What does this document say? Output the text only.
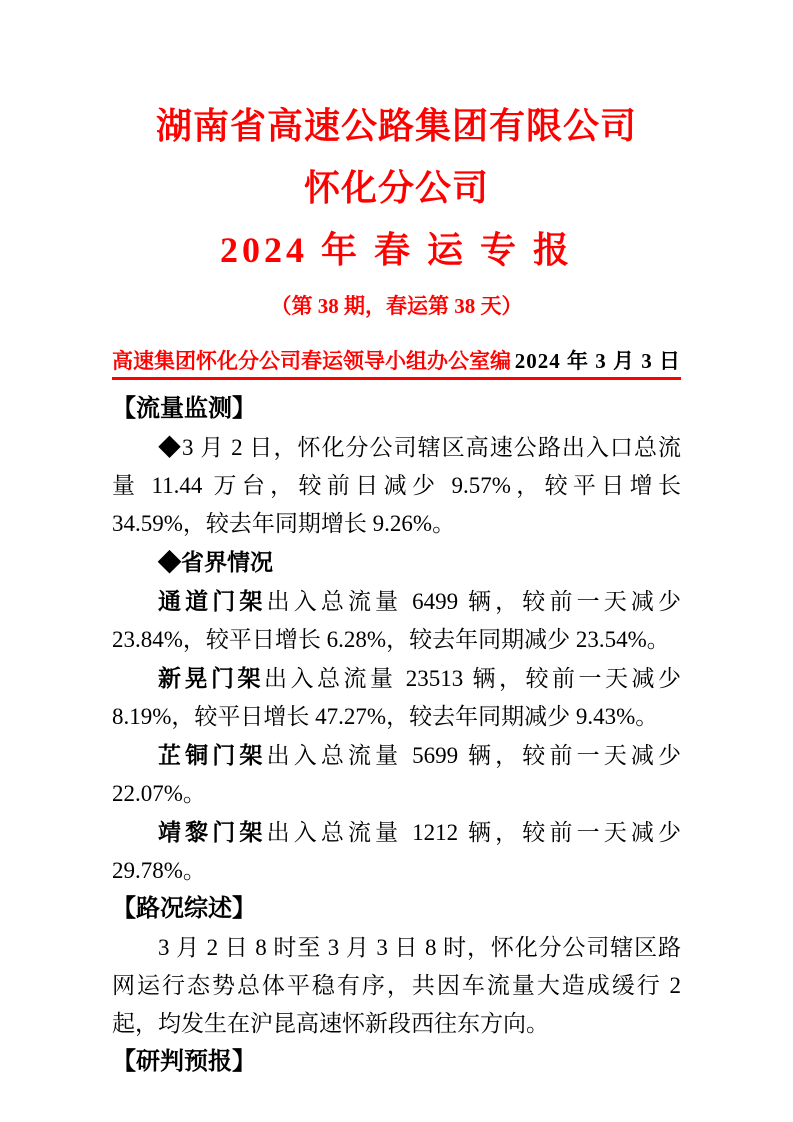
湖南省高速公路集团有限公司
怀化分公司
2024 年 春 运 专 报
（第 38 期，春运第 38 天）
高速集团怀化分公司春运领导小组办公室编 2024 年 3 月 3 日
【流量监测】

◆3 月 2 日，怀化分公司辖区高速公路出入口总流量 11.44 万台，较前日减少 9.57%，较平日增长 34.59%，较去年同期增长 9.26%。

◆省界情况

通道门架出入总流量 6499 辆，较前一天减少 23.84%，较平日增长 6.28%，较去年同期减少 23.54%。

新晃门架出入总流量 23513 辆，较前一天减少 8.19%，较平日增长 47.27%，较去年同期减少 9.43%。

芷铜门架出入总流量 5699 辆，较前一天减少 22.07%。

靖黎门架出入总流量 1212 辆，较前一天减少 29.78%。

【路况综述】

3 月 2 日 8 时至 3 月 3 日 8 时，怀化分公司辖区路网运行态势总体平稳有序，共因车流量大造成缓行 2 起，均发生在沪昆高速怀新段西往东方向。

【研判预报】
